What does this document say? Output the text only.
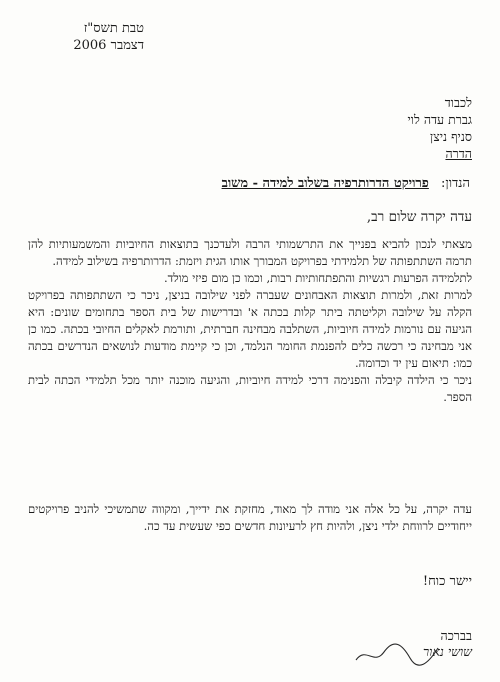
טבת תשס"ז
דצמבר 2006
לכבוד
גברת עדה לוי
סניף ניצן
הדרה
הנדון: פרויקט הדרותרפיה בשלוב למידה - משוב
עדה יקרה שלום רב,

מצאתי לנכון להביא בפנייך את התרשמותי הרבה ולעדכנך בתוצאות החיוביות והמשמעותיות להן תרמה השתתפותה של תלמידתי בפרויקט המבורך אותו הגית ויזמת: הדרותרפיה בשילוב למידה.

לתלמידה הפרעות רגשיות והתפתחותיות רבות, וכמו כן מום פיזי מולד.

למרות זאת, ולמרות תוצאות האבחונים שעברה לפני שילובה בניצן, ניכר כי השתתפותה בפרויקט הקלה על שילובה וקליטתה ביתר קלות בכתה א' ובדרישות של בית הספר בתחומים שונים: היא הגיעה עם נורמות למידה חיוביות, השתלבה מבחינה חברתית, ותורמת לאקלים החיובי בכתה. כמו כן אני מבחינה כי רכשה כלים להפנמת החומר הנלמד, וכן כי קיימת מודעות לנושאים הנדרשים בכתה כמו: תיאום עין יד וכדומה.

ניכר כי הילדה קיבלה והפנימה דרכי למידה חיוביות, והגיעה מוכנה יותר מכל תלמידי הכתה לבית הספר.

עדה יקרה, על כל אלה אני מודה לך מאוד, מחזקת את ידייך, ומקווה שתמשיכי להניב פרויקטים ייחודיים לרווחת ילדי ניצן, ולהיות חץ לרעיונות חדשים כפי שעשית עד כה.
יישר כוח!
בברכה
שושי נאור
